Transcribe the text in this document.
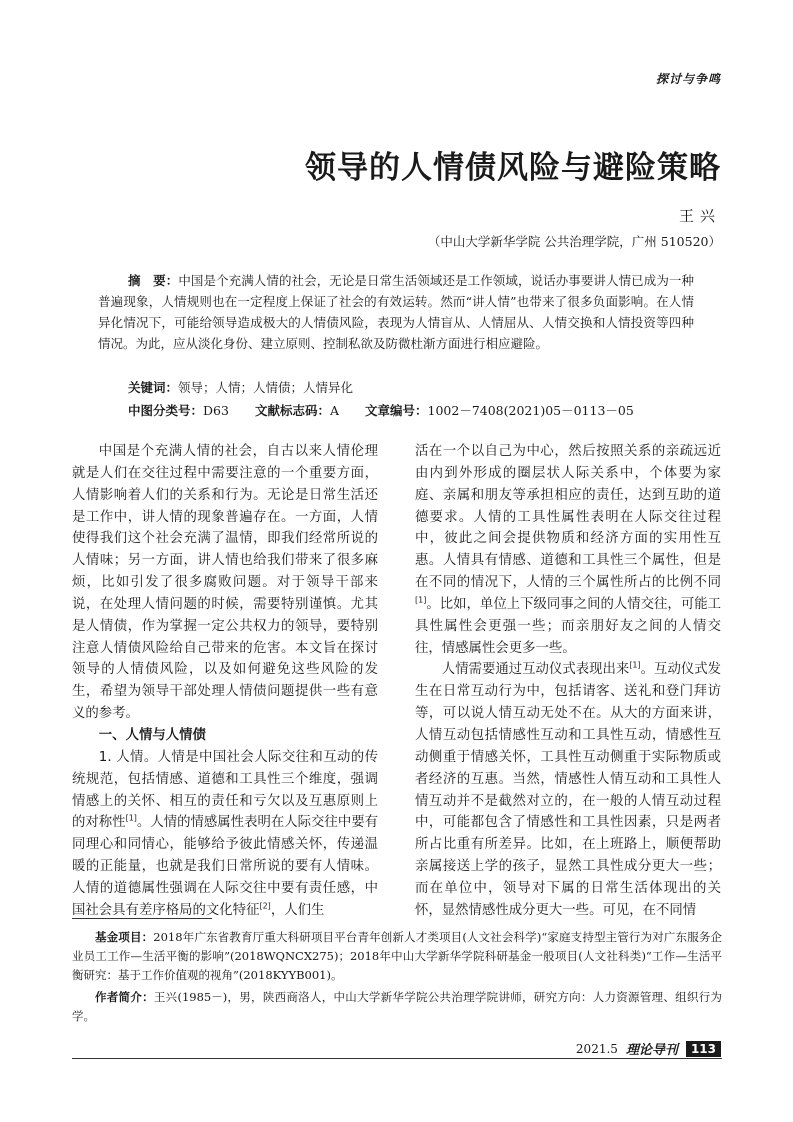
探讨与争鸣
领导的人情债风险与避险策略
王兴
（中山大学新华学院 公共治理学院，广州 510520）
摘　要：中国是个充满人情的社会，无论是日常生活领域还是工作领域，说话办事要讲人情已成为一种普遍现象，人情规则也在一定程度上保证了社会的有效运转。然而“讲人情”也带来了很多负面影响。在人情异化情况下，可能给领导造成极大的人情债风险，表现为人情盲从、人情屈从、人情交换和人情投资等四种情况。为此，应从淡化身份、建立原则、控制私欲及防微杜渐方面进行相应避险。
关键词：领导；人情；人情债；人情异化
中图分类号：D63 文献标志码：A 文章编号：1002－7408(2021)05－0113－05

中国是个充满人情的社会，自古以来人情伦理就是人们在交往过程中需要注意的一个重要方面，人情影响着人们的关系和行为。无论是日常生活还是工作中，讲人情的现象普遍存在。一方面，人情使得我们这个社会充满了温情，即我们经常所说的人情味；另一方面，讲人情也给我们带来了很多麻烦，比如引发了很多腐败问题。对于领导干部来说，在处理人情问题的时候，需要特别谨慎。尤其是人情债，作为掌握一定公共权力的领导，要特别注意人情债风险给自己带来的危害。本文旨在探讨领导的人情债风险，以及如何避免这些风险的发生，希望为领导干部处理人情债问题提供一些有意义的参考。

一、人情与人情债

1. 人情。人情是中国社会人际交往和互动的传统规范，包括情感、道德和工具性三个维度，强调情感上的关怀、相互的责任和亏欠以及互惠原则上的对称性[1]。人情的情感属性表明在人际交往中要有同理心和同情心，能够给予彼此情感关怀，传递温暖的正能量，也就是我们日常所说的要有人情味。人情的道德属性强调在人际交往中要有责任感，中国社会具有差序格局的文化特征[2]，人们生

活在一个以自己为中心，然后按照关系的亲疏远近由内到外形成的圈层状人际关系中，个体要为家庭、亲属和朋友等承担相应的责任，达到互助的道德要求。人情的工具性属性表明在人际交往过程中，彼此之间会提供物质和经济方面的实用性互惠。人情具有情感、道德和工具性三个属性，但是在不同的情况下，人情的三个属性所占的比例不同[1]。比如，单位上下级同事之间的人情交往，可能工具性属性会更强一些；而亲朋好友之间的人情交往，情感属性会更多一些。

人情需要通过互动仪式表现出来[1]。互动仪式发生在日常互动行为中，包括请客、送礼和登门拜访等，可以说人情互动无处不在。从大的方面来讲，人情互动包括情感性互动和工具性互动，情感性互动侧重于情感关怀，工具性互动侧重于实际物质或者经济的互惠。当然，情感性人情互动和工具性人情互动并不是截然对立的，在一般的人情互动过程中，可能都包含了情感性和工具性因素，只是两者所占比重有所差异。比如，在上班路上，顺便帮助亲属接送上学的孩子，显然工具性成分更大一些；而在单位中，领导对下属的日常生活体现出的关怀，显然情感性成分更大一些。可见，在不同情

基金项目：2018年广东省教育厅重大科研项目平台青年创新人才类项目(人文社会科学)“家庭支持型主管行为对广东服务企业员工工作—生活平衡的影响”(2018WQNCX275)；2018年中山大学新华学院科研基金一般项目(人文社科类)“工作—生活平衡研究：基于工作价值观的视角”(2018KYYB001)。

作者简介：王兴(1985－)，男，陕西商洛人，中山大学新华学院公共治理学院讲师，研究方向：人力资源管理、组织行为学。

2021.5 理论导刊	113
